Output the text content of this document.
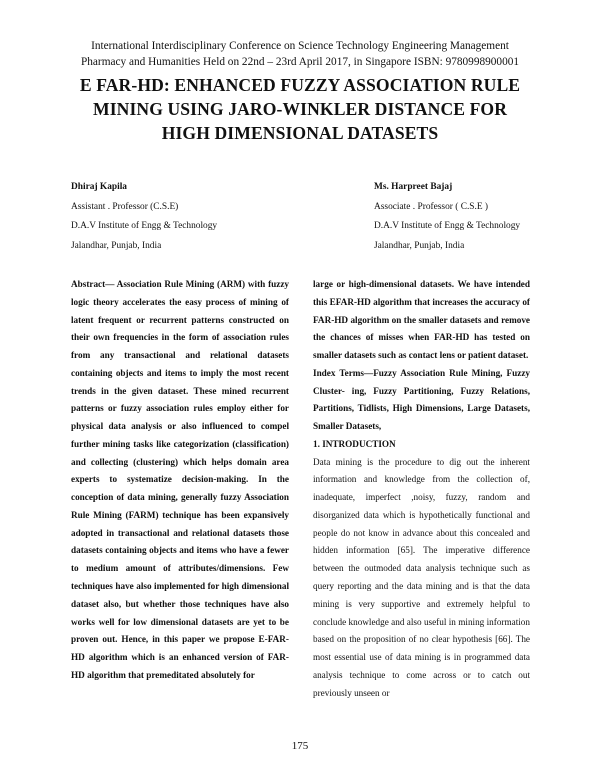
International Interdisciplinary Conference on Science Technology Engineering Management
Pharmacy and Humanities Held on 22nd – 23rd April 2017, in Singapore ISBN: 9780998900001
E FAR-HD: ENHANCED FUZZY ASSOCIATION RULE
MINING USING JARO-WINKLER DISTANCE FOR
HIGH DIMENSIONAL DATASETS
Dhiraj Kapila
Assistant . Professor (C.S.E)
D.A.V Institute of Engg & Technology
Jalandhar, Punjab, India
Ms. Harpreet Bajaj
Associate . Professor ( C.S.E )
D.A.V Institute of Engg & Technology
Jalandhar, Punjab, India

Abstract— Association Rule Mining (ARM) with fuzzy logic theory accelerates the easy process of mining of latent frequent or recurrent patterns constructed on their own frequencies in the form of association rules from any transactional and relational datasets containing objects and items to imply the most recent trends in the given dataset. These mined recurrent patterns or fuzzy association rules employ either for physical data analysis or also influenced to compel further mining tasks like categorization (classification) and collecting (clustering) which helps domain area experts to systematize decision-making. In the conception of data mining, generally fuzzy Association Rule Mining (FARM) technique has been expansively adopted in transactional and relational datasets those datasets containing objects and items who have a fewer to medium amount of attributes/dimensions. Few techniques have also implemented for high dimensional dataset also, but whether those techniques have also works well for low dimensional datasets are yet to be proven out. Hence, in this paper we propose E-FAR-HD algorithm which is an enhanced version of FAR-HD algorithm that premeditated absolutely for

large or high-dimensional datasets. We have intended this EFAR-HD algorithm that increases the accuracy of FAR-HD algorithm on the smaller datasets and remove the chances of misses when FAR-HD has tested on smaller datasets such as contact lens or patient dataset.

Index Terms—Fuzzy Association Rule Mining, Fuzzy Cluster- ing, Fuzzy Partitioning, Fuzzy Relations, Partitions, Tidlists, High Dimensions, Large Datasets, Smaller Datasets,

1. INTRODUCTION

Data mining is the procedure to dig out the inherent information and knowledge from the collection of, inadequate, imperfect ,noisy, fuzzy, random and disorganized data which is hypothetically functional and people do not know in advance about this concealed and hidden information [65]. The imperative difference between the outmoded data analysis technique such as query reporting and the data mining and is that the data mining is very supportive and extremely helpful to conclude knowledge and also useful in mining information based on the proposition of no clear hypothesis [66]. The most essential use of data mining is in programmed data analysis technique to come across or to catch out previously unseen or

175
